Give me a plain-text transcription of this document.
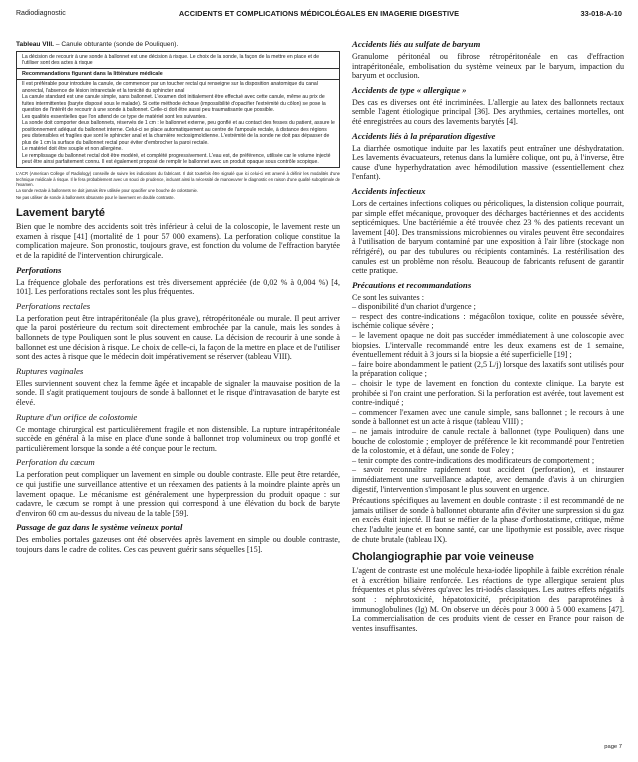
Radiodiagnostic	ACCIDENTS ET COMPLICATIONS MÉDICOLÉGALES EN IMAGERIE DIGESTIVE	33-018-A-10
Tableau VIII. – Canule obturante (sonde de Pouliquen).
La décision de recourir à une sonde à ballonnet est une décision à risque. Le choix de la sonde, la façon de la mettre en place et de l'utiliser sont des actes à risque
Recommandations figurant dans la littérature médicale
Il est préférable pour introduire la canule, de commencer par un toucher rectal qui renseigne sur la disposition anatomique du canal anorectal, l'absence de lésion intrarectale et la tonicité du sphincter anal
La canule standard est une canule simple, sans ballonnet. L'examen doit initialement être effectué avec cette canule, même au prix de fuites intermittentes (baryte disposé sous le malade). Si cette méthode échoue (impossibilité d'opacifier l'extrémité du côlon) se pose la question de l'intérêt de recourir à une sonde à ballonnet. Celle-ci doit être aussi peu traumatisante que possible.
Les qualités essentielles que l'on attend de ce type de matériel sont les suivantes.
La sonde doit comporter deux ballonnets, réservés de 1 cm : le ballonnet externe, peu gonflé et au contact des fesses du patient, assure le positionnement adéquat du ballonnet interne. Celui-ci se place automatiquement au centre de l'ampoule rectale, à distance des régions peu distensibles et fragiles que sont le sphincter anal et la charnière rectosigmoïdienne. L'extrémité de la sonde ne doit pas dépasser de plus de 1 cm la surface du ballonnet rectal pour éviter d'embrocher la paroi rectale.
Le matériel doit être souple et non allergène.
Le remplissage du ballonnet rectal doit être modéré, et complété progressivement. L'eau est, de préférence, utilisée car le volume injecté peut être ainsi parfaitement connu. Il est également proposé de remplir le ballonnet avec un produit opaque sous contrôle scopique.
L'ACR (American College of Radiology) conseille de suivre les indications du fabricant. Il doit toutefois être signalé que ici celui-ci est amené à définir les modalités d'une technique médicale à risque. Il le fera probablement avec un souci de prudence, incluant ainsi la nécessité de manoeuvrer le diagnostic en raison d'une qualité suboptimale de l'examen.
La sonde rectale à ballonnets ne doit jamais être utilisée pour opacifier une bouche de colostomie.
Ne pas utiliser de sonde à ballonnets obturante pour le lavement en double contraste.
Lavement baryté
Bien que le nombre des accidents soit très inférieur à celui de la coloscopie, le lavement reste un examen à risque [41] (mortalité de 1 pour 57 000 examens). La perforation colique constitue la complication majeure. Son pronostic, toujours grave, est fonction du volume de l'effraction barytée et de la rapidité de l'intervention chirurgicale.
Perforations
La fréquence globale des perforations est très diversement appréciée (de 0,02 % à 0,004 %) [4, 101]. Les perforations rectales sont les plus fréquentes.
Perforations rectales
La perforation peut être intrapéritonéale (la plus grave), rétropéritonéale ou murale. Il peut arriver que la paroi postérieure du rectum soit directement embrochée par la canule, mais les sondes à ballonnets de type Pouliquen sont le plus souvent en cause. La décision de recourir à une sonde à ballonnet est une décision à risque. Le choix de celle-ci, la façon de la mettre en place et de l'utiliser sont des actes à risque que le médecin doit impérativement se réserver (tableau VIII).
Ruptures vaginales
Elles surviennent souvent chez la femme âgée et incapable de signaler la mauvaise position de la sonde. Il s'agit pratiquement toujours de sonde à ballonnet et le risque d'intravasation de baryte est élevé.
Rupture d'un orifice de colostomie
Ce montage chirurgical est particulièrement fragile et non distensible. La rupture intrapéritonéale succède en général à la mise en place d'une sonde à ballonnet trop volumineux ou trop gonflé et particulièrement lorsque la sonde a été conçue pour le rectum.
Perforation du cæcum
La perforation peut compliquer un lavement en simple ou double contraste. Elle peut être retardée, ce qui justifie une surveillance attentive et un réexamen des patients à la moindre plainte après un lavement opaque. Le mécanisme est généralement une hyperpression du produit opaque : sur cadavre, le cæcum se rompt à une pression qui correspond à une élévation du bock de baryte d'environ 60 cm au-dessus du niveau de la table [59].
Passage de gaz dans le système veineux portal
Des embolies portales gazeuses ont été observées après lavement en simple ou double contraste, toujours dans le cadre de colites. Ces cas peuvent guérir sans séquelles [15].
Accidents liés au sulfate de baryum
Granulome péritonéal ou fibrose rétropéritonéale en cas d'effraction intrapéritonéale, embolisation du système veineux par le baryum, impaction du baryum et occlusion.
Accidents de type « allergique »
Des cas es diverses ont été incriminées. L'allergie au latex des ballonnets rectaux semble l'agent étiologique principal [36]. Des arythmies, certaines mortelles, ont été enregistrées au cours des lavements barytés [4].
Accidents liés à la préparation digestive
La diarrhée osmotique induite par les laxatifs peut entraîner une déshydratation. Les lavements évacuateurs, retenus dans la lumière colique, ont pu, à l'inverse, être cause d'une hyperhydratation avec hémodilution massive (essentiellement chez l'enfant).
Accidents infectieux
Lors de certaines infections coliques ou péricoliques, la distension colique pourrait, par simple effet mécanique, provoquer des décharges bactériennes et des accidents septicémiques. Une bactériémie a été trouvée chez 23 % des patients recevant un lavement [40]. Des transmissions microbiennes ou virales peuvent être secondaires à l'utilisation de baryum contaminé par une exposition à l'air libre (stockage non réfrigéré), ou par des tubulures ou récipients contaminés. La restérilisation des canules est un problème non résolu. Beaucoup de fabricants refusent de garantir cette pratique.
Précautions et recommandations
Ce sont les suivantes :
– disponibilité d'un chariot d'urgence ;
– respect des contre-indications : mégacôlon toxique, colite en poussée sévère, ischémie colique sévère ;
– le lavement opaque ne doit pas succéder immédiatement à une coloscopie avec biopsies. L'intervalle recommandé entre les deux examens est de 1 semaine, éventuellement réduit à 3 jours si la biopsie a été superficielle [19] ;
– faire boire abondamment le patient (2,5 L/j) lorsque des laxatifs sont utilisés pour la préparation colique ;
– choisir le type de lavement en fonction du contexte clinique. La baryte est prohibée si l'on craint une perforation. Si la perforation est avérée, tout lavement est contre-indiqué ;
– commencer l'examen avec une canule simple, sans ballonnet ; le recours à une sonde à ballonnet est un acte à risque (tableau VIII) ;
– ne jamais introduire de canule rectale à ballonnet (type Pouliquen) dans une bouche de colostomie ; employer de préférence le kit recommandé pour l'entretien de la colostomie, et à défaut, une sonde de Foley ;
– tenir compte des contre-indications des modificateurs de comportement ;
– savoir reconnaître rapidement tout accident (perforation), et instaurer immédiatement une surveillance adaptée, avec demande d'avis à un chirurgien digestif, l'intervention s'imposant le plus souvent en urgence.
Précautions spécifiques au lavement en double contraste : il est recommandé de ne jamais utiliser de sonde à ballonnet obturante afin d'éviter une surpression si du gaz en excès était injecté. Il faut se méfier de la phase d'orthostatisme, critique, même chez l'adulte jeune et en bonne santé, car une lipothymie est possible, avec risque de chute brutale (tableau IX).
Cholangiographie par voie veineuse
L'agent de contraste est une molécule hexa-iodée lipophile à faible excrétion rénale et à excrétion biliaire renforcée. Les réactions de type allergique seraient plus fréquentes et plus sévères qu'avec les tri-iodés classiques. Les autres effets négatifs sont : néphrotoxicité, hépatotoxicité, précipitation des paraprotéines à immunoglobulines (Ig) M. On observe un décès pour 3 000 à 5 000 examens [47]. La commercialisation de ces produits vient de cesser en France pour raison de ventes insuffisantes.
page 7
